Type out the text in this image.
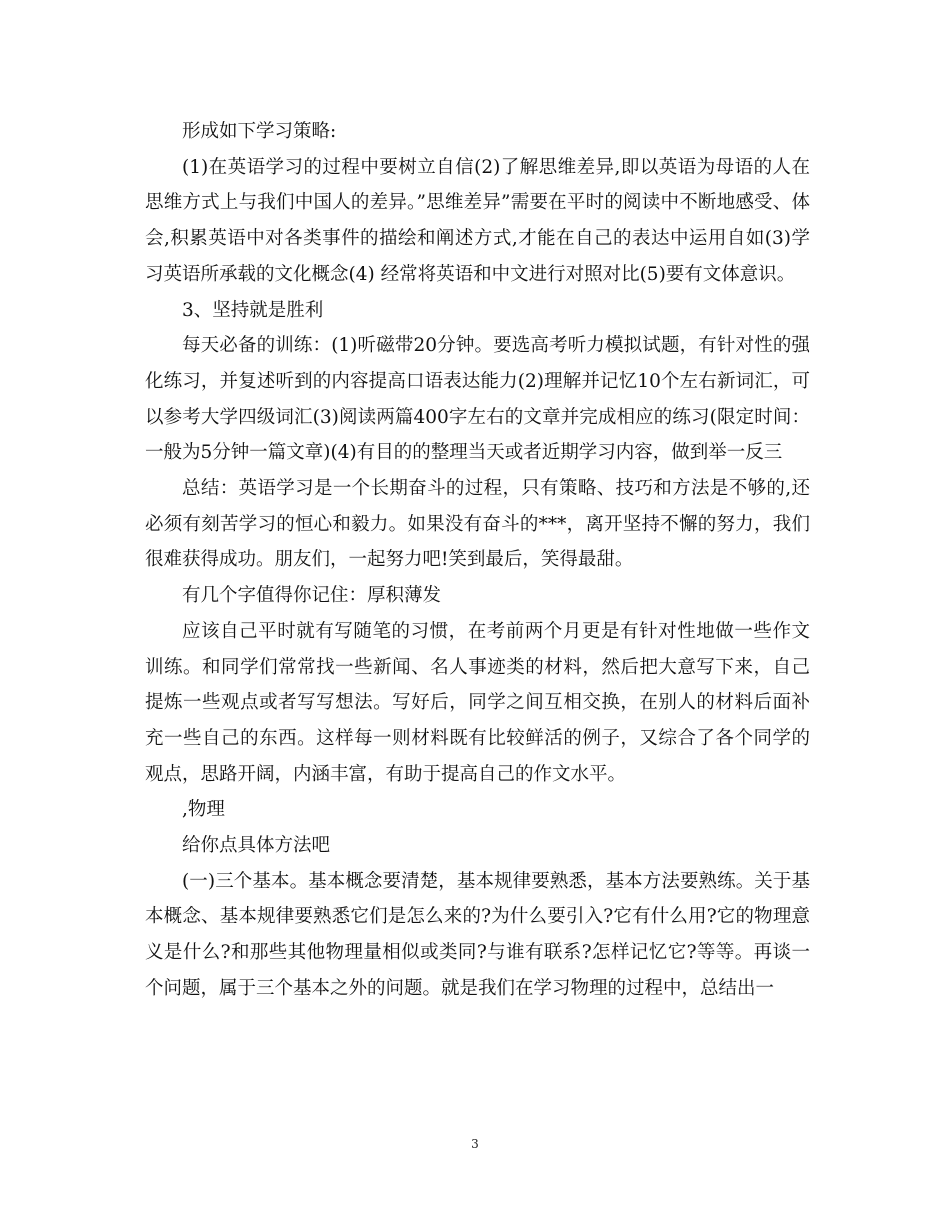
形成如下学习策略:

(1)在英语学习的过程中要树立自信(2)了解思维差异,即以英语为母语的人在思维方式上与我们中国人的差异。”思维差异”需要在平时的阅读中不断地感受、体会,积累英语中对各类事件的描绘和阐述方式,才能在自己的表达中运用自如(3)学习英语所承载的文化概念(4) 经常将英语和中文进行对照对比(5)要有文体意识。

3、坚持就是胜利

每天必备的训练：(1)听磁带20分钟。要选高考听力模拟试题，有针对性的强化练习，并复述听到的内容提高口语表达能力(2)理解并记忆10个左右新词汇，可以参考大学四级词汇(3)阅读两篇400字左右的文章并完成相应的练习(限定时间：一般为5分钟一篇文章)(4)有目的的整理当天或者近期学习内容，做到举一反三

总结：英语学习是一个长期奋斗的过程，只有策略、技巧和方法是不够的,还必须有刻苦学习的恒心和毅力。如果没有奋斗的***，离开坚持不懈的努力，我们很难获得成功。朋友们，一起努力吧!笑到最后，笑得最甜。

有几个字值得你记住：厚积薄发

应该自己平时就有写随笔的习惯，在考前两个月更是有针对性地做一些作文训练。和同学们常常找一些新闻、名人事迹类的材料，然后把大意写下来，自己提炼一些观点或者写写想法。写好后，同学之间互相交换，在别人的材料后面补充一些自己的东西。这样每一则材料既有比较鲜活的例子，又综合了各个同学的观点，思路开阔，内涵丰富，有助于提高自己的作文水平。

,物理

给你点具体方法吧

(一)三个基本。基本概念要清楚，基本规律要熟悉，基本方法要熟练。关于基本概念、基本规律要熟悉它们是怎么来的?为什么要引入?它有什么用?它的物理意义是什么?和那些其他物理量相似或类同?与谁有联系?怎样记忆它?等等。再谈一个问题，属于三个基本之外的问题。就是我们在学习物理的过程中，总结出一

3
